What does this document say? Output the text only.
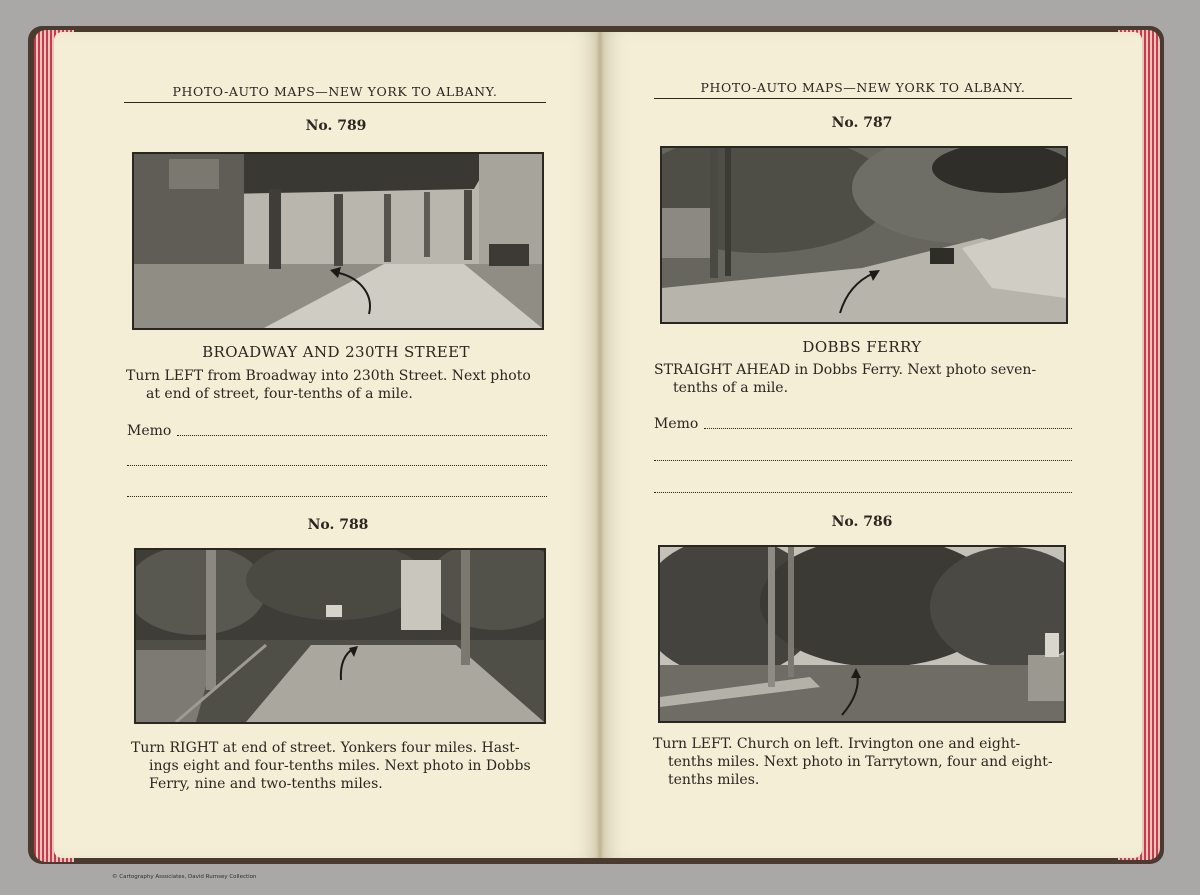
PHOTO-AUTO MAPS—NEW YORK TO ALBANY.
No. 789
BROADWAY AND 230TH STREET
Turn LEFT from Broadway into 230th Street. Next photo
at end of street, four-tenths of a mile.
Memo
No. 788
Turn RIGHT at end of street. Yonkers four miles. Hast-
ings eight and four-tenths miles. Next photo in Dobbs
Ferry, nine and two-tenths miles.
PHOTO-AUTO MAPS—NEW YORK TO ALBANY.
No. 787
DOBBS FERRY
STRAIGHT AHEAD in Dobbs Ferry. Next photo seven-
tenths of a mile.
Memo
No. 786
Turn LEFT. Church on left. Irvington one and eight-
tenths miles. Next photo in Tarrytown, four and eight-
tenths miles.
© Cartography Associates, David Rumsey Collection
